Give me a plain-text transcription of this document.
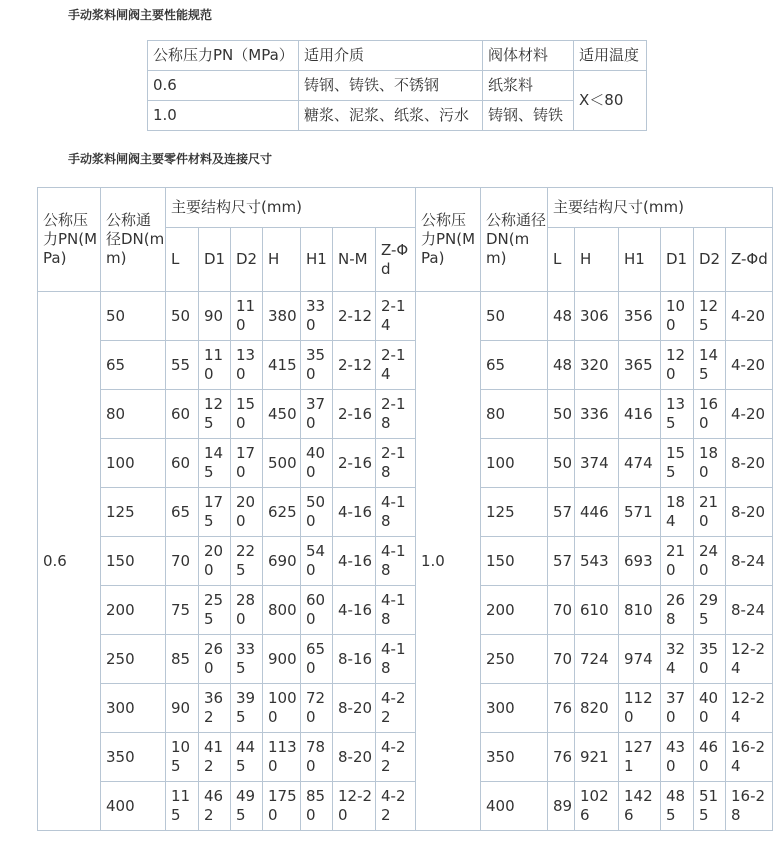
手动浆料闸阀主要性能规范
公称压力PN（MPa）	适用介质	阀体材料	适用温度
0.6	铸钢、铸铁、不锈钢	纸浆料	X＜80
1.0	糖浆、泥浆、纸浆、污水	铸钢、铸铁	
手动浆料闸阀主要零件材料及连接尺寸
公称压力PN(MPa)	公称通径DN(mm)	主要结构尺寸(mm)							公称压力PN(MPa)	公称通径DN(mm)	主要结构尺寸(mm)					
		L	D1	D2	H	H1	N-M	Z-Φd			L	H	H1	D1	D2	Z-Φd
0.6	50	50	90	110	380	330	2-12	2-14	1.0	50	48	306	356	100	125	4-20
	65	55	110	130	415	350	2-12	2-14		65	48	320	365	120	145	4-20
	80	60	125	150	450	370	2-16	2-18		80	50	336	416	135	160	4-20
	100	60	145	170	500	400	2-16	2-18		100	50	374	474	155	180	8-20
	125	65	175	200	625	500	4-16	4-18		125	57	446	571	184	210	8-20
	150	70	200	225	690	540	4-16	4-18		150	57	543	693	210	240	8-24
	200	75	255	280	800	600	4-16	4-18		200	70	610	810	268	295	8-24
	250	85	260	335	900	650	8-16	4-18		250	70	724	974	324	350	12-24
	300	90	362	395	1000	720	8-20	4-22		300	76	820	1120	370	400	12-24
	350	105	412	445	1130	780	8-20	4-22		350	76	921	1271	430	460	16-24
	400	115	462	495	1750	850	12-20	4-22		400	89	1026	1426	485	515	16-28
